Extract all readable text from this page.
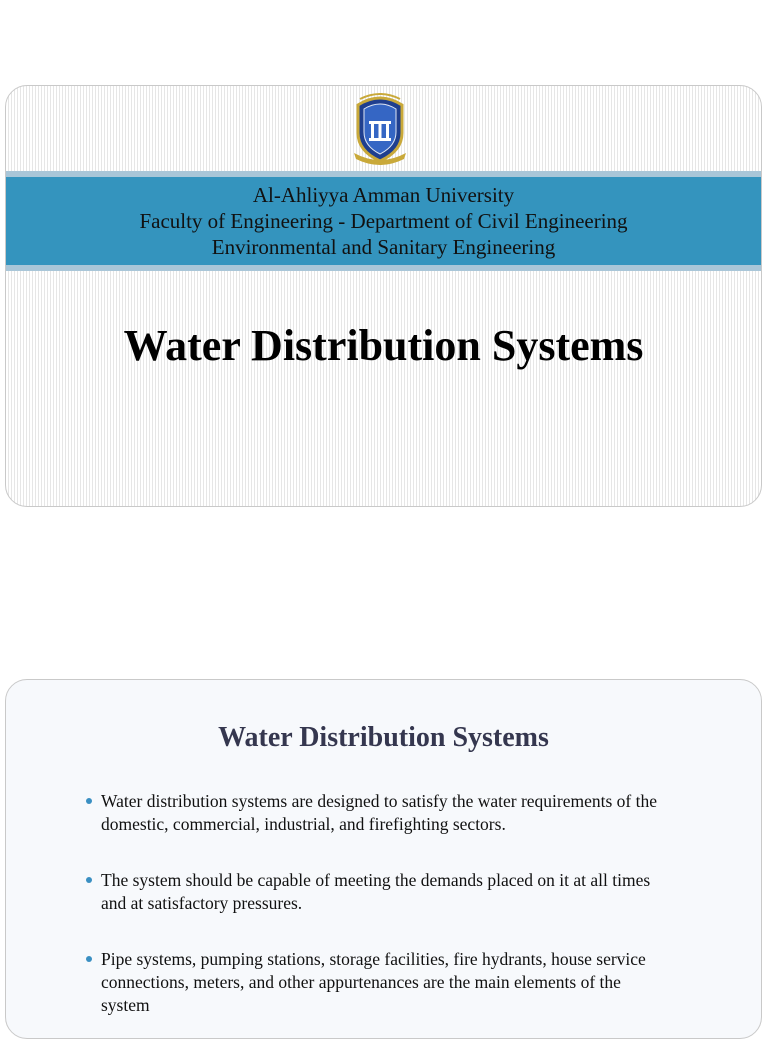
Al-Ahliyya Amman University
Faculty of Engineering - Department of Civil Engineering
Environmental and Sanitary Engineering
Water Distribution Systems
Water Distribution Systems
Water distribution systems are designed to satisfy the water requirements of the domestic, commercial, industrial, and firefighting sectors.
The system should be capable of meeting the demands placed on it at all times and at satisfactory pressures.
Pipe systems, pumping stations, storage facilities, fire hydrants, house service connections, meters, and other appurtenances are the main elements of the system
